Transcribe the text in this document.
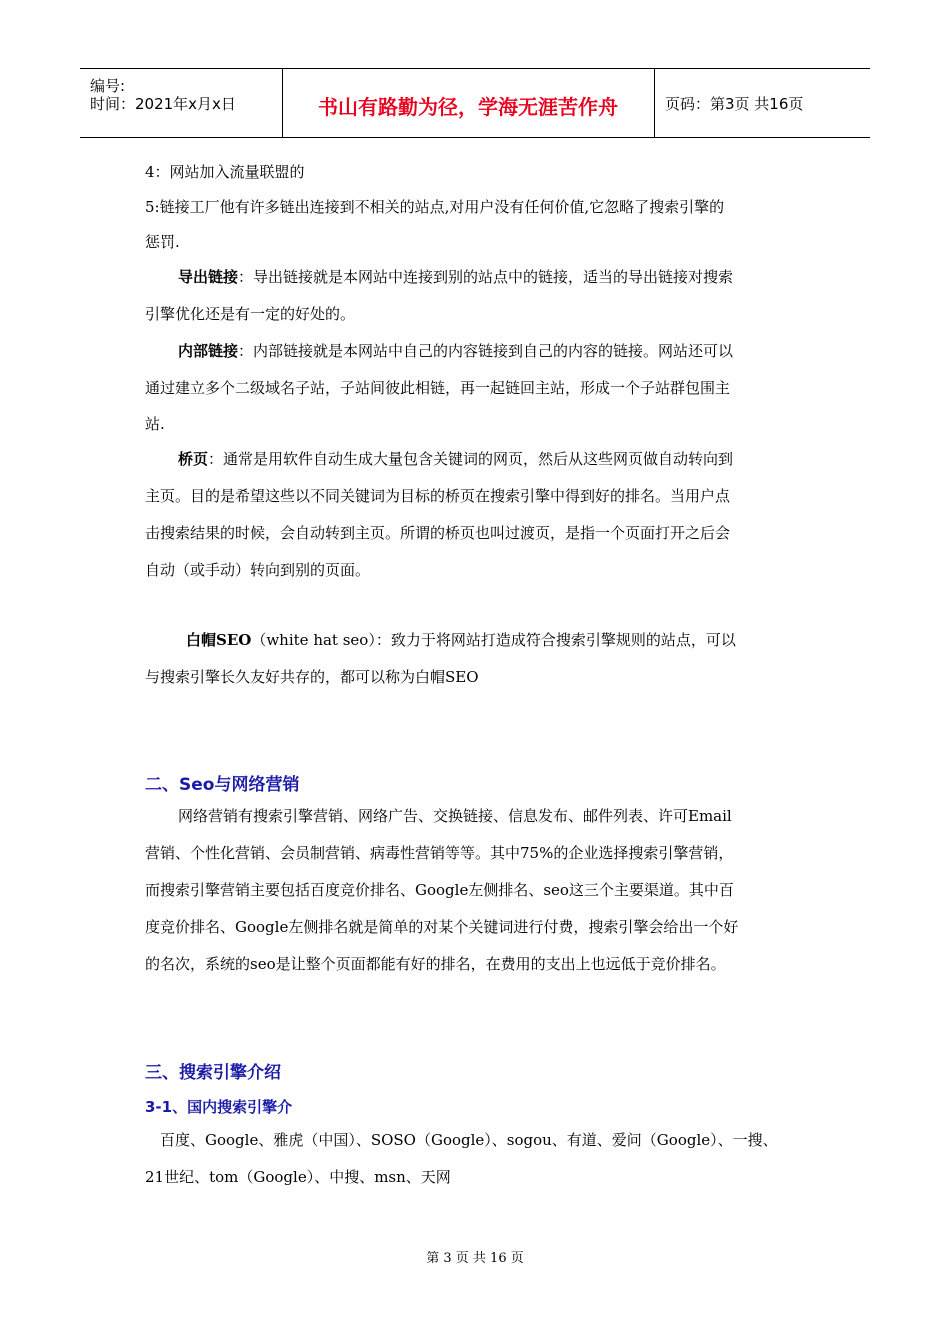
编号:
时间：2021年x月x日	书山有路勤为径，学海无涯苦作舟	页码：第3页 共16页
4：网站加入流量联盟的
5:链接工厂他有许多链出连接到不相关的站点,对用户没有任何价值,它忽略了搜索引擎的
惩罚.
导出链接：导出链接就是本网站中连接到别的站点中的链接，适当的导出链接对搜索
引擎优化还是有一定的好处的。
内部链接：内部链接就是本网站中自己的内容链接到自己的内容的链接。网站还可以
通过建立多个二级域名子站，子站间彼此相链，再一起链回主站，形成一个子站群包围主
站.
桥页：通常是用软件自动生成大量包含关键词的网页，然后从这些网页做自动转向到
主页。目的是希望这些以不同关键词为目标的桥页在搜索引擎中得到好的排名。当用户点
击搜索结果的时候，会自动转到主页。所谓的桥页也叫过渡页，是指一个页面打开之后会
自动（或手动）转向到别的页面。
白帽SEO（white hat seo）：致力于将网站打造成符合搜索引擎规则的站点，可以
与搜索引擎长久友好共存的，都可以称为白帽SEO
二、Seo与网络营销
网络营销有搜索引擎营销、网络广告、交换链接、信息发布、邮件列表、许可Email
营销、个性化营销、会员制营销、病毒性营销等等。其中75%的企业选择搜索引擎营销，
而搜索引擎营销主要包括百度竞价排名、Google左侧排名、seo这三个主要渠道。其中百
度竞价排名、Google左侧排名就是简单的对某个关键词进行付费，搜索引擎会给出一个好
的名次，系统的seo是让整个页面都能有好的排名，在费用的支出上也远低于竞价排名。
三、搜索引擎介绍
3-1、国内搜索引擎介
百度、Google、雅虎（中国）、SOSO（Google）、sogou、有道、爱问（Google）、一搜、
21世纪、tom（Google）、中搜、msn、天网
第 3 页 共 16 页
